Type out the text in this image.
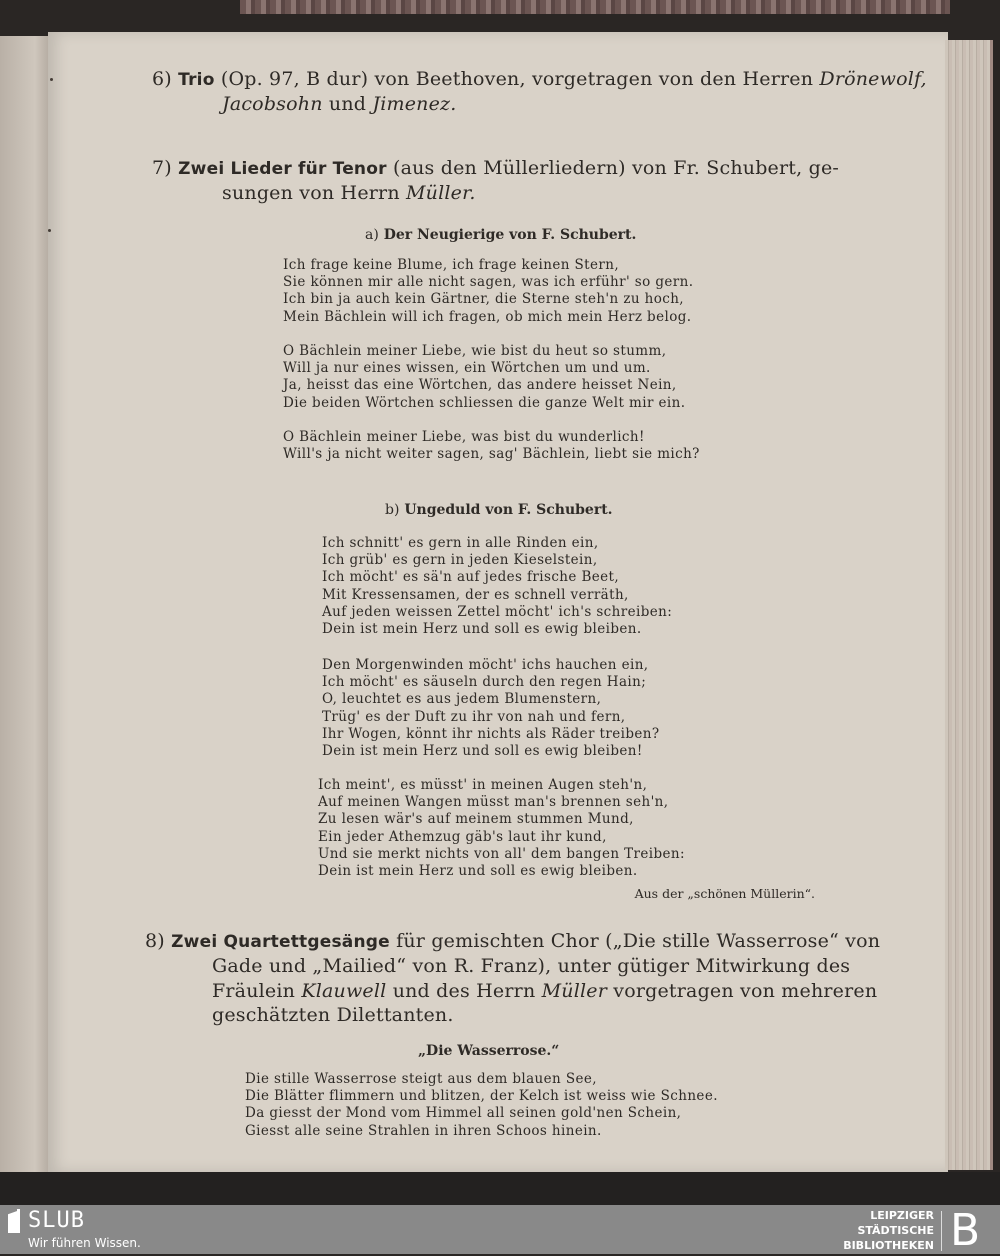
6) Trio (Op. 97, B dur) von Beethoven, vorgetragen von den Herren Drönewolf,
Jacobsohn und Jimenez.
7) Zwei Lieder für Tenor (aus den Müllerliedern) von Fr. Schubert, ge-
sungen von Herrn Müller.
a) Der Neugierige von F. Schubert.
Ich frage keine Blume, ich frage keinen Stern,
Sie können mir alle nicht sagen, was ich erführ' so gern.
Ich bin ja auch kein Gärtner, die Sterne steh'n zu hoch,
Mein Bächlein will ich fragen, ob mich mein Herz belog.
O Bächlein meiner Liebe, wie bist du heut so stumm,
Will ja nur eines wissen, ein Wörtchen um und um.
Ja, heisst das eine Wörtchen, das andere heisset Nein,
Die beiden Wörtchen schliessen die ganze Welt mir ein.
O Bächlein meiner Liebe, was bist du wunderlich!
Will's ja nicht weiter sagen, sag' Bächlein, liebt sie mich?
b) Ungeduld von F. Schubert.
Ich schnitt' es gern in alle Rinden ein,
Ich grüb' es gern in jeden Kieselstein,
Ich möcht' es sä'n auf jedes frische Beet,
Mit Kressensamen, der es schnell verräth,
Auf jeden weissen Zettel möcht' ich's schreiben:
Dein ist mein Herz und soll es ewig bleiben.
Den Morgenwinden möcht' ichs hauchen ein,
Ich möcht' es säuseln durch den regen Hain;
O, leuchtet es aus jedem Blumenstern,
Trüg' es der Duft zu ihr von nah und fern,
Ihr Wogen, könnt ihr nichts als Räder treiben?
Dein ist mein Herz und soll es ewig bleiben!
Ich meint', es müsst' in meinen Augen steh'n,
Auf meinen Wangen müsst man's brennen seh'n,
Zu lesen wär's auf meinem stummen Mund,
Ein jeder Athemzug gäb's laut ihr kund,
Und sie merkt nichts von all' dem bangen Treiben:
Dein ist mein Herz und soll es ewig bleiben.
Aus der „schönen Müllerin“.
8) Zwei Quartettgesänge für gemischten Chor („Die stille Wasserrose“ von
Gade und „Mailied“ von R. Franz), unter gütiger Mitwirkung des
Fräulein Klauwell und des Herrn Müller vorgetragen von mehreren
geschätzten Dilettanten.
„Die Wasserrose.“
Die stille Wasserrose steigt aus dem blauen See,
Die Blätter flimmern und blitzen, der Kelch ist weiss wie Schnee.
Da giesst der Mond vom Himmel all seinen gold'nen Schein,
Giesst alle seine Strahlen in ihren Schoos hinein.
SLUB
Wir führen Wissen.
LEIPZIGER
STÄDTISCHE
BIBLIOTHEKEN B
